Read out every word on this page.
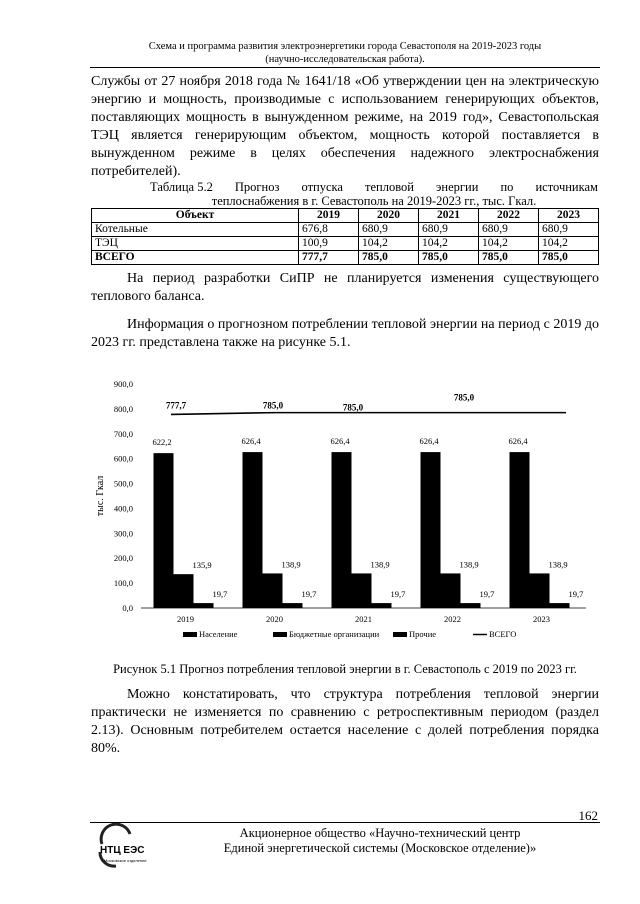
Схема и программа развития электроэнергетики города Севастополя на 2019-2023 годы
(научно-исследовательская работа).
Службы от 27 ноября 2018 года № 1641/18 «Об утверждении цен на электрическую энергию и мощность, производимые с использованием генерирующих объектов, поставляющих мощность в вынужденном режиме, на 2019 год», Севастопольская ТЭЦ является генерирующим объектом, мощность которой поставляется в вынужденном режиме в целях обеспечения надежного электроснабжения потребителей).
Таблица 5.2 Прогноз отпуска тепловой энергии по источникам
теплоснабжения в г. Севастополь на 2019-2023 гг., тыс. Гкал.
Объект	2019	2020	2021	2022	2023
Котельные	676,8	680,9	680,9	680,9	680,9
ТЭЦ	100,9	104,2	104,2	104,2	104,2
ВСЕГО	777,7	785,0	785,0	785,0	785,0
На период разработки СиПР не планируется изменения существующего теплового баланса.
Информация о прогнозном потреблении тепловой энергии на период с 2019 до 2023 гг. представлена также на рисунке 5.1.
0,0
100,0
200,0
300,0
400,0
500,0
600,0
700,0
800,0
900,0
тыс. Гкал
622,2
135,9
19,7
2019
626,4
138,9
19,7
2020
626,4
138,9
19,7
2021
626,4
138,9
19,7
2022
626,4
138,9
19,7
2023
777,7	785,0	785,0
785,0
Население	Бюджетные организации	Прочие	ВСЕГО
Рисунок 5.1 Прогноз потребления тепловой энергии в г. Севастополь с 2019 по 2023 гг.
Можно констатировать, что структура потребления тепловой энергии практически не изменяется по сравнению с ретроспективным периодом (раздел 2.13). Основным потребителем остается население с долей потребления порядка 80%.
162
НТЦ ЕЭС
Московское отделение
Акционерное общество «Научно-технический центр
Единой энергетической системы (Московское отделение)»
